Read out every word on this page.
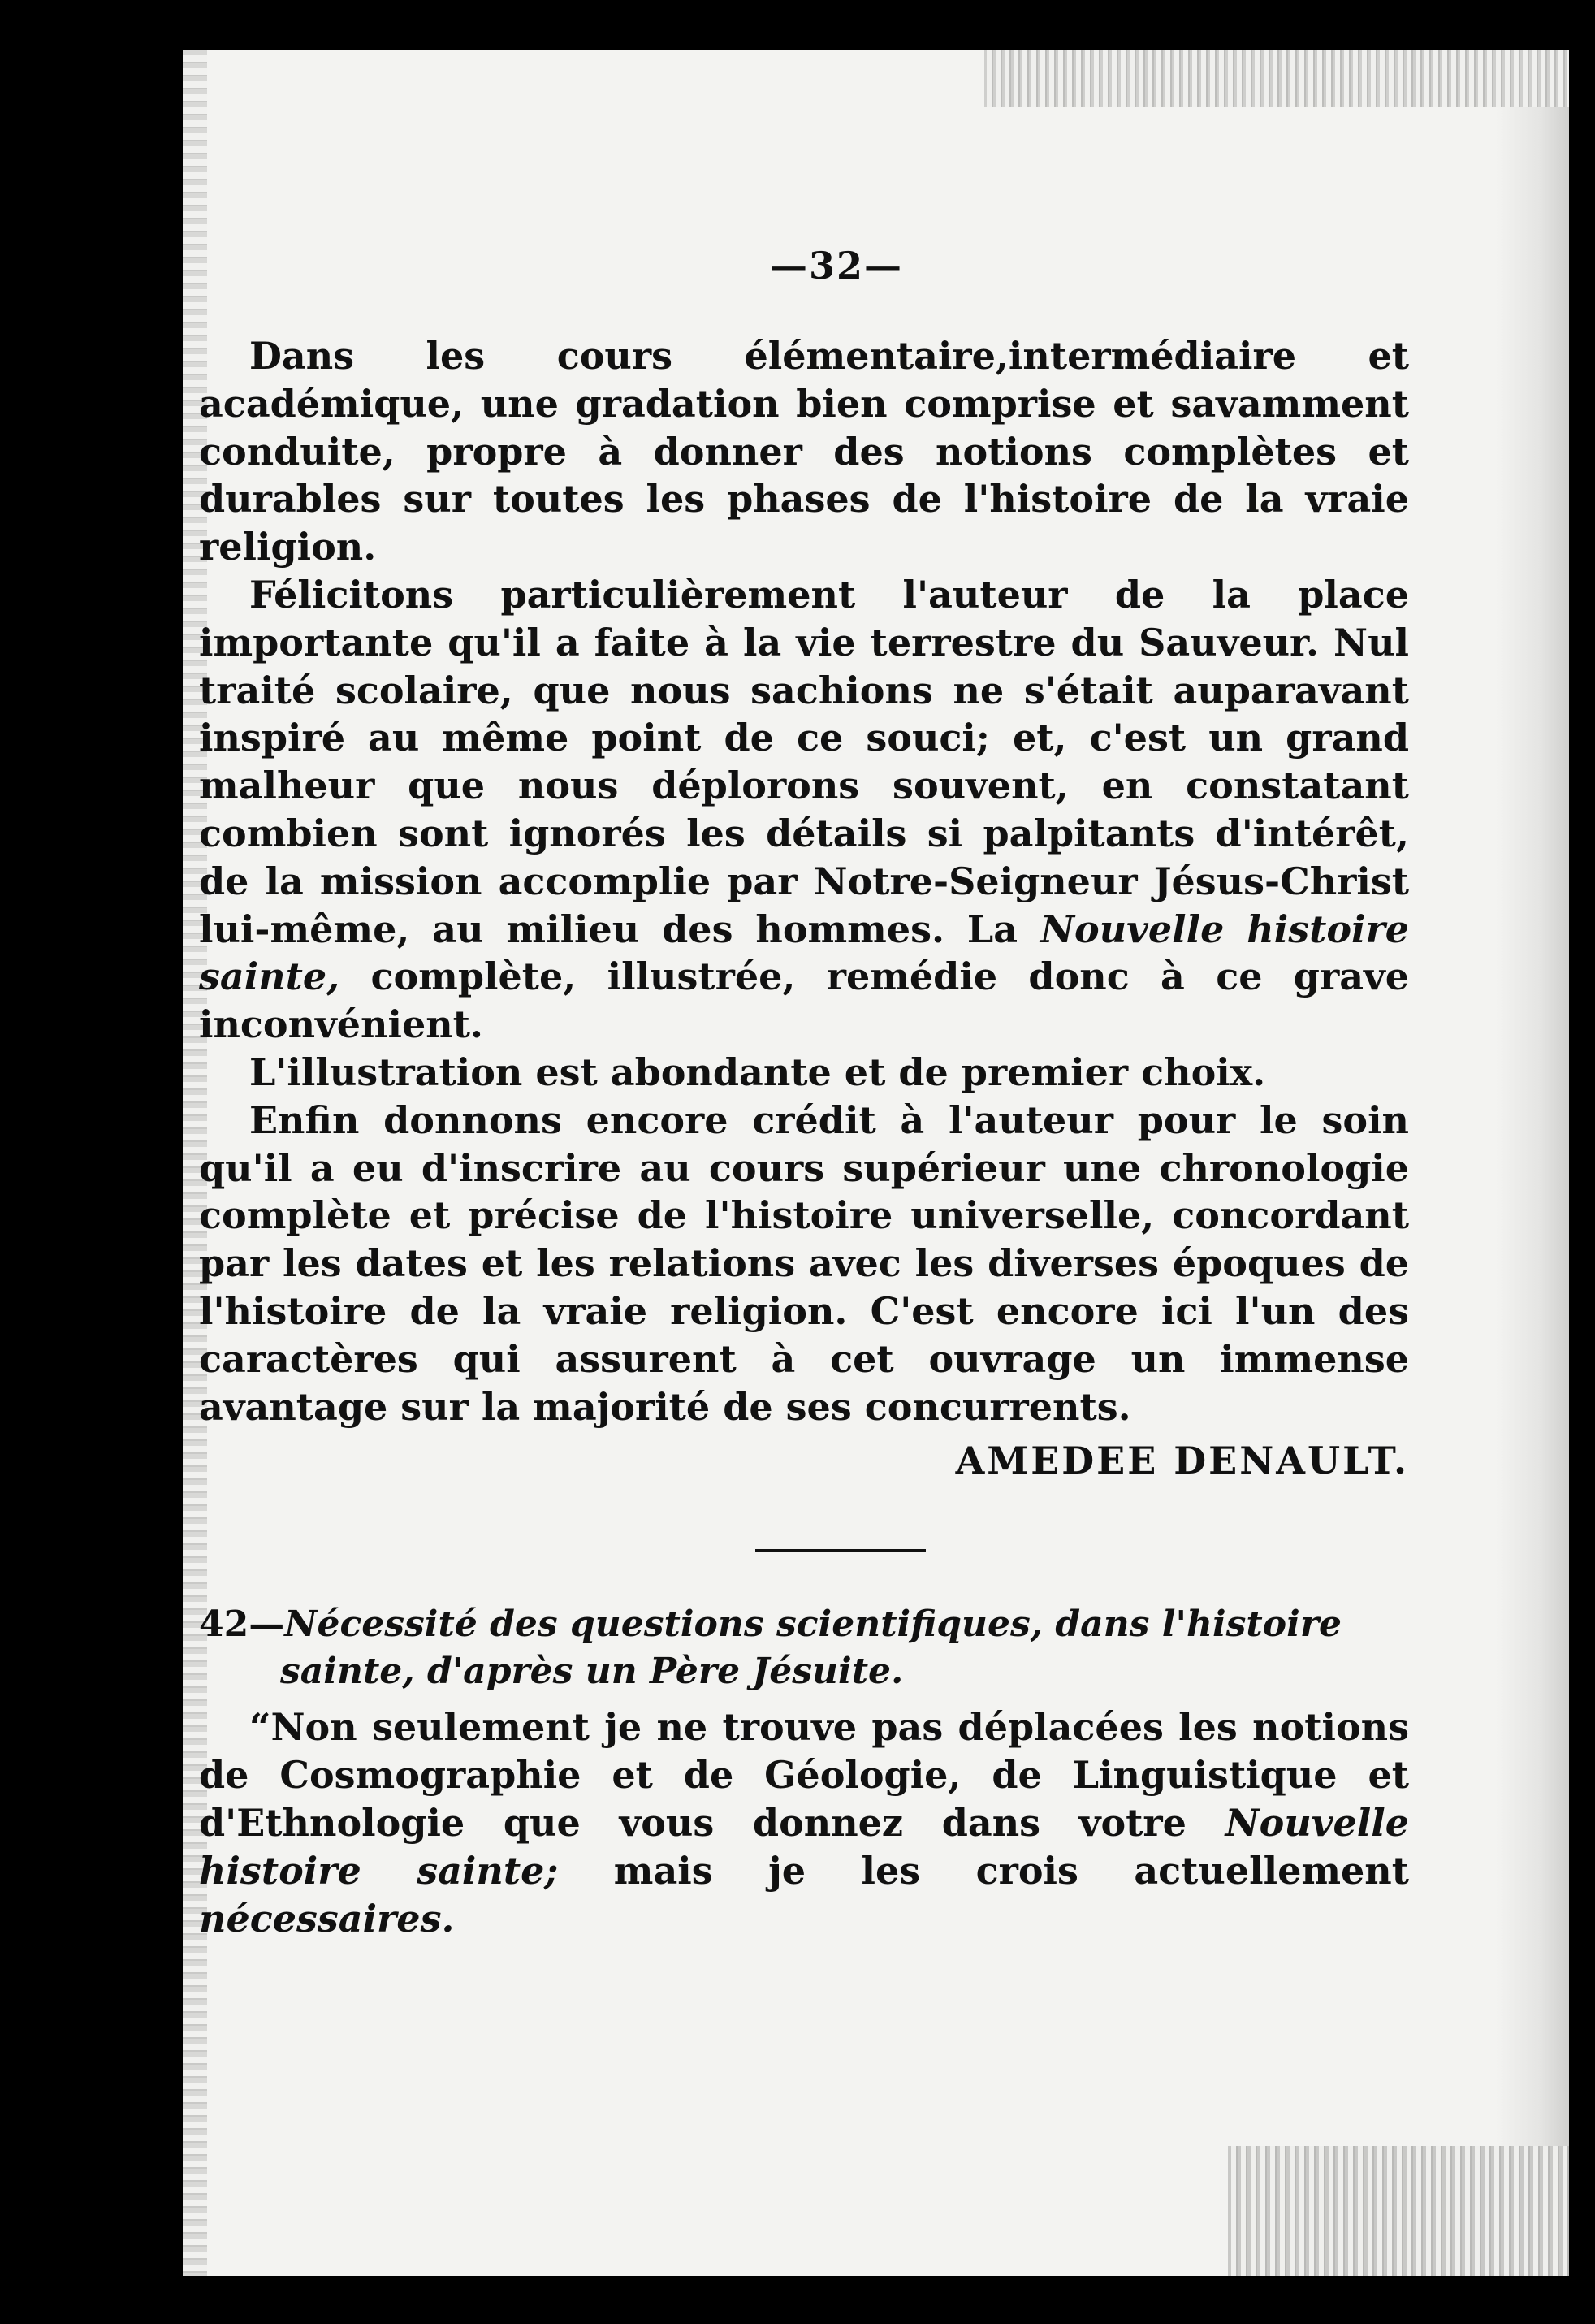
—32—

Dans les cours élémentaire,intermédiaire et académique, une gradation bien comprise et savamment conduite, propre à donner des notions complètes et durables sur toutes les phases de l'histoire de la vraie religion.

Félicitons particulièrement l'auteur de la place importante qu'il a faite à la vie terrestre du Sauveur. Nul traité scolaire, que nous sachions ne s'était auparavant inspiré au même point de ce souci; et, c'est un grand malheur que nous déplorons souvent, en constatant combien sont ignorés les détails si palpitants d'intérêt, de la mission accomplie par Notre-Seigneur Jésus-Christ lui-même, au milieu des hommes. La Nouvelle histoire sainte, complète, illustrée, remédie donc à ce grave inconvénient.

L'illustration est abondante et de premier choix.

Enfin donnons encore crédit à l'auteur pour le soin qu'il a eu d'inscrire au cours supérieur une chronologie complète et précise de l'histoire universelle, concordant par les dates et les relations avec les diverses époques de l'histoire de la vraie religion. C'est encore ici l'un des caractères qui assurent à cet ouvrage un immense avantage sur la majorité de ses concurrents.

AMEDEE DENAULT.

42—Nécessité des questions scientifiques, dans l'histoire sainte, d'après un Père Jésuite.

“Non seulement je ne trouve pas déplacées les notions de Cosmographie et de Géologie, de Linguistique et d'Ethnologie que vous donnez dans votre Nouvelle histoire sainte; mais je les crois actuellement nécessaires.
